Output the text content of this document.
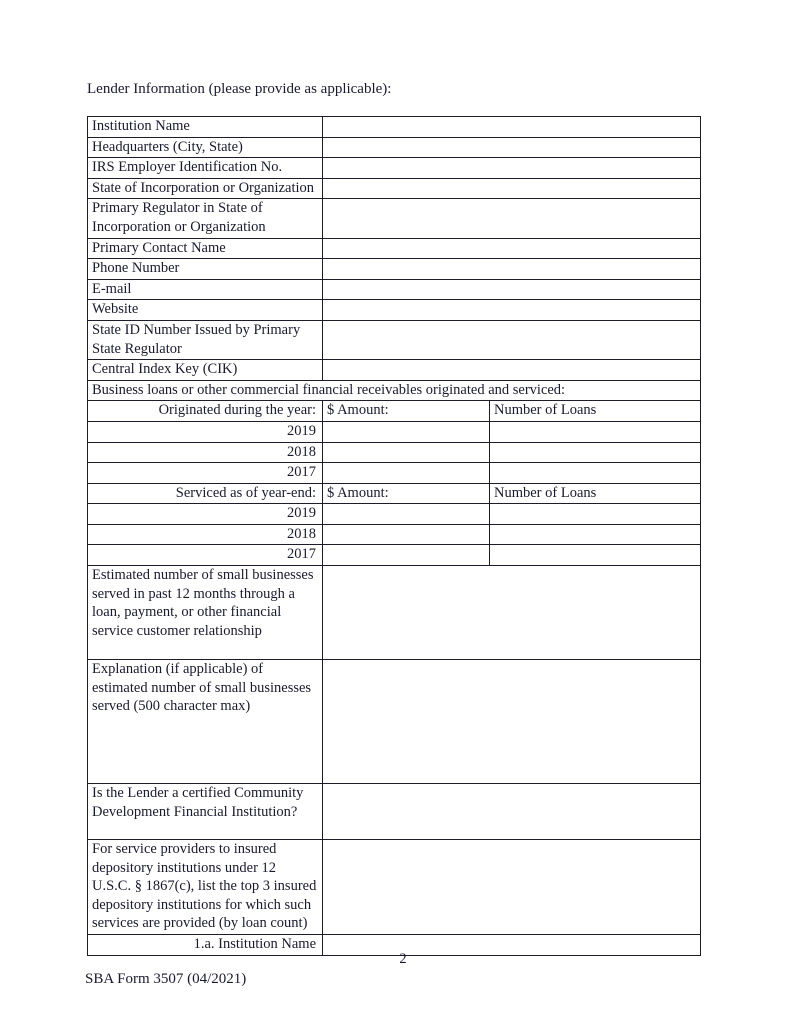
Lender Information (please provide as applicable):
Institution Name		
Headquarters (City, State)		
IRS Employer Identification No.		
State of Incorporation or Organization		
Primary Regulator in State of Incorporation or Organization		
Primary Contact Name		
Phone Number		
E-mail		
Website		
State ID Number Issued by Primary State Regulator		
Central Index Key (CIK)		
Business loans or other commercial financial receivables originated and serviced:		
Originated during the year:	$ Amount:	Number of Loans
2019		
2018		
2017		
Serviced as of year-end:	$ Amount:	Number of Loans
2019		
2018		
2017		
Estimated number of small businesses served in past 12 months through a loan, payment, or other financial service customer relationship		
Explanation (if applicable) of estimated number of small businesses served (500 character max)		
Is the Lender a certified Community Development Financial Institution?		
For service providers to insured depository institutions under 12 U.S.C. § 1867(c), list the top 3 insured depository institutions for which such services are provided (by loan count)		
1.a. Institution Name		
2
SBA Form 3507 (04/2021)
